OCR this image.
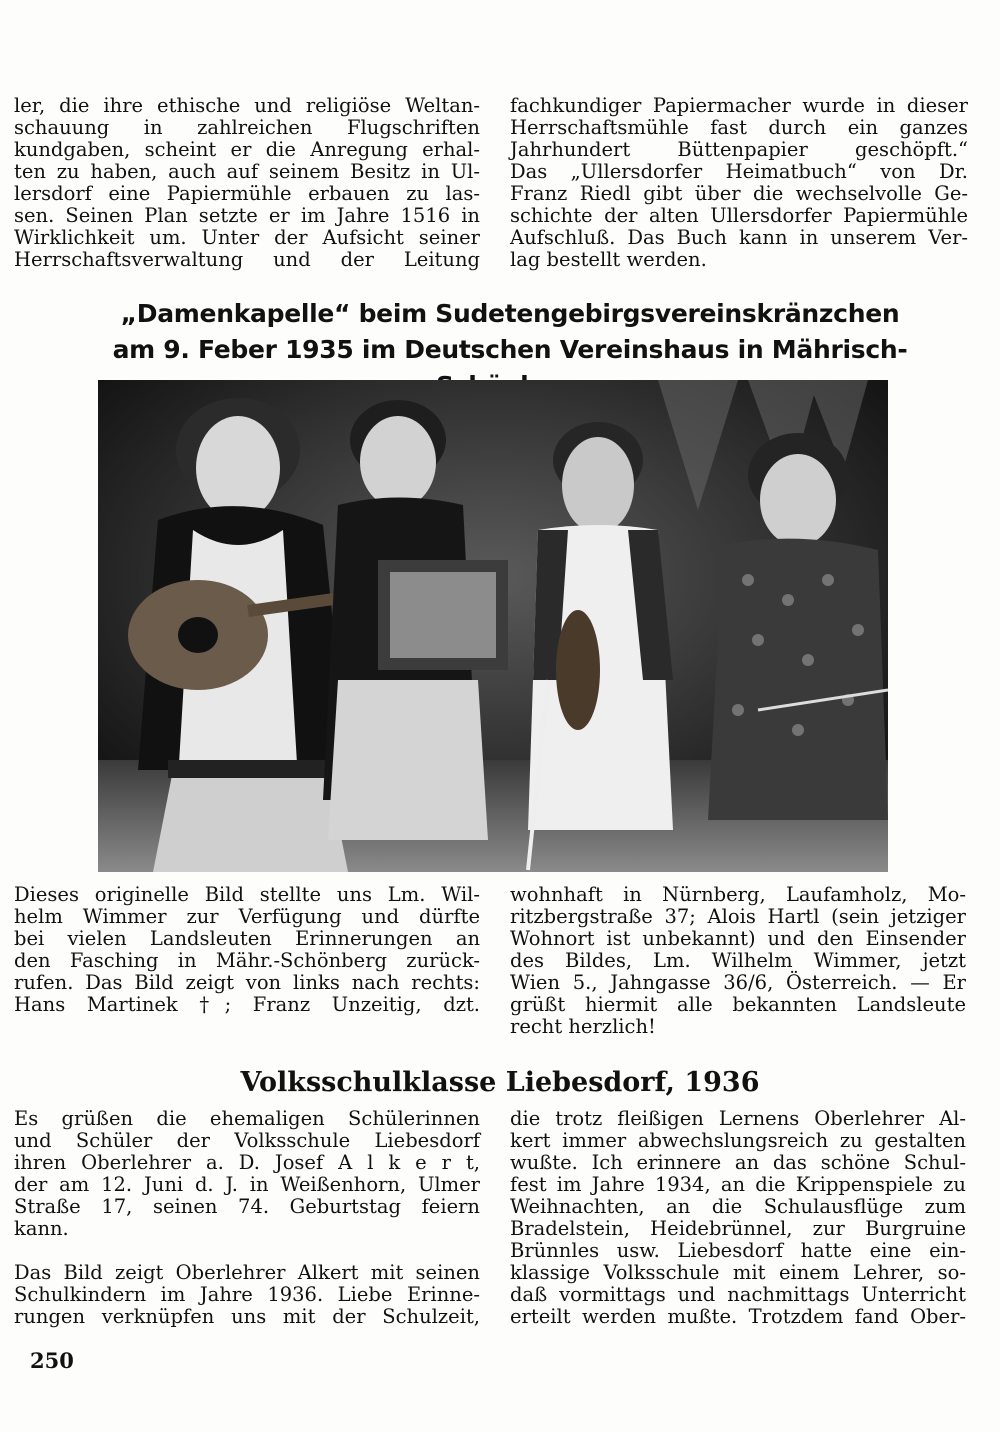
ler, die ihre ethische und religiöse Weltan-
schauung in zahlreichen Flugschriften
kundgaben, scheint er die Anregung erhal-
ten zu haben, auch auf seinem Besitz in Ul-
lersdorf eine Papiermühle erbauen zu las-
sen. Seinen Plan setzte er im Jahre 1516 in
Wirklichkeit um. Unter der Aufsicht seiner
Herrschaftsverwaltung und der Leitung
fachkundiger Papiermacher wurde in dieser
Herrschaftsmühle fast durch ein ganzes
Jahrhundert Büttenpapier geschöpft.“
Das „Ullersdorfer Heimatbuch“ von Dr.
Franz Riedl gibt über die wechselvolle Ge-
schichte der alten Ullersdorfer Papiermühle
Aufschluß. Das Buch kann in unserem Ver-
lag bestellt werden.
„Damenkapelle“ beim Sudetengebirgsvereinskränzchen
am 9. Feber 1935 im Deutschen Vereinshaus in Mährisch-
Dieses originelle Bild stellte uns Lm. Wil-
helm Wimmer zur Verfügung und dürfte
bei vielen Landsleuten Erinnerungen an
den Fasching in Mähr.-Schönberg zurück-
rufen. Das Bild zeigt von links nach rechts:
Hans Martinek †; Franz Unzeitig, dzt.
wohnhaft in Nürnberg, Laufamholz, Mo-
ritzbergstraße 37; Alois Hartl (sein jetziger
Wohnort ist unbekannt) und den Einsender
des Bildes, Lm. Wilhelm Wimmer, jetzt
Wien 5., Jahngasse 36/6, Österreich. — Er
grüßt hiermit alle bekannten Landsleute
recht herzlich!
Volksschulklasse Liebesdorf, 1936
Es grüßen die ehemaligen Schülerinnen
und Schüler der Volksschule Liebesdorf
ihren Oberlehrer a. D. Josef A l k e r t,
der am 12. Juni d. J. in Weißenhorn, Ulmer
Straße 17, seinen 74. Geburtstag feiern
kann.
Das Bild zeigt Oberlehrer Alkert mit seinen
Schulkindern im Jahre 1936. Liebe Erinne-
rungen verknüpfen uns mit der Schulzeit,
die trotz fleißigen Lernens Oberlehrer Al-
kert immer abwechslungsreich zu gestalten
wußte. Ich erinnere an das schöne Schul-
fest im Jahre 1934, an die Krippenspiele zu
Weihnachten, an die Schulausflüge zum
Bradelstein, Heidebrünnel, zur Burgruine
Brünnles usw. Liebesdorf hatte eine ein-
klassige Volksschule mit einem Lehrer, so-
daß vormittags und nachmittags Unterricht
erteilt werden mußte. Trotzdem fand Ober-
250
